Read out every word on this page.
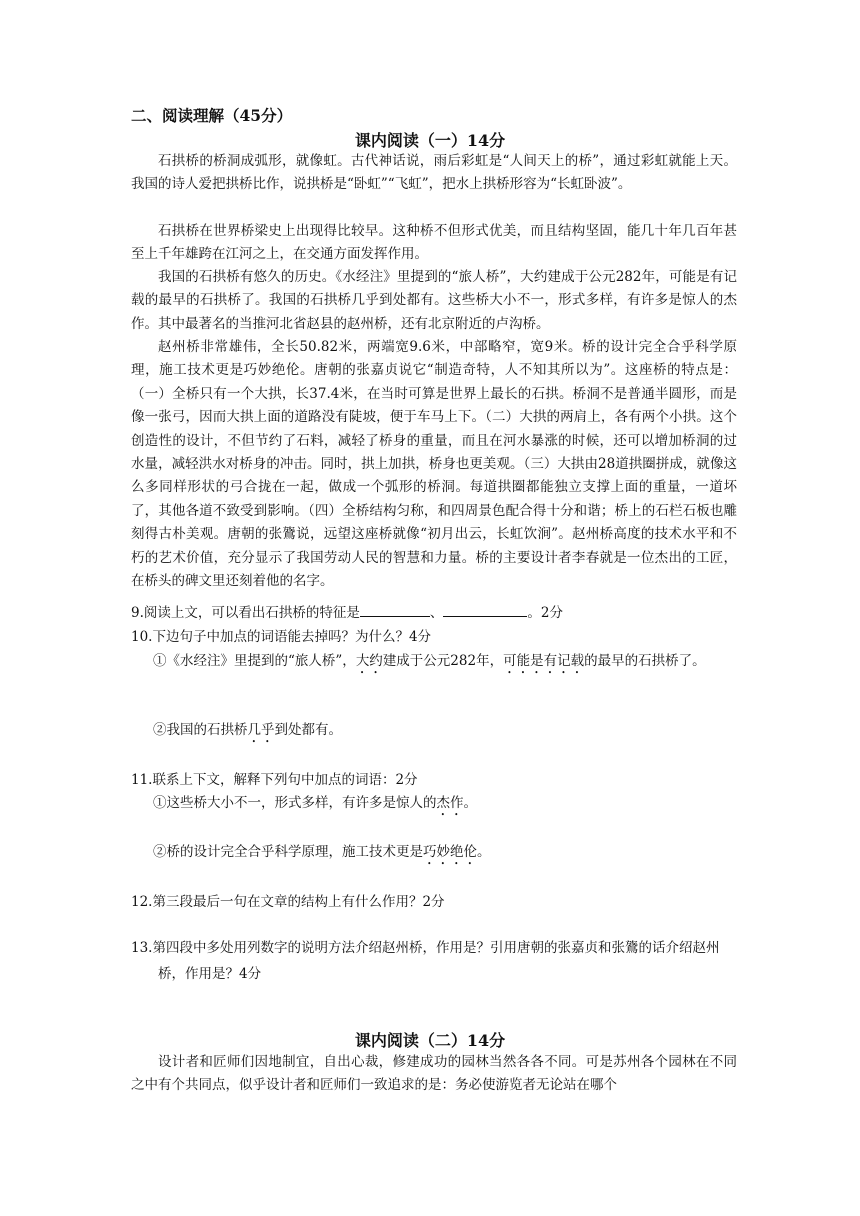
二、阅读理解（45分）
课内阅读（一）14分

石拱桥的桥洞成弧形，就像虹。古代神话说，雨后彩虹是“人间天上的桥”，通过彩虹就能上天。我国的诗人爱把拱桥比作，说拱桥是“卧虹”“飞虹”，把水上拱桥形容为“长虹卧波”。

石拱桥在世界桥梁史上出现得比较早。这种桥不但形式优美，而且结构坚固，能几十年几百年甚至上千年雄跨在江河之上，在交通方面发挥作用。

我国的石拱桥有悠久的历史。《水经注》里提到的“旅人桥”，大约建成于公元282年，可能是有记载的最早的石拱桥了。我国的石拱桥几乎到处都有。这些桥大小不一，形式多样，有许多是惊人的杰作。其中最著名的当推河北省赵县的赵州桥，还有北京附近的卢沟桥。

赵州桥非常雄伟，全长50.82米，两端宽9.6米，中部略窄，宽9米。桥的设计完全合乎科学原理，施工技术更是巧妙绝伦。唐朝的张嘉贞说它“制造奇特，人不知其所以为”。这座桥的特点是：（一）全桥只有一个大拱，长37.4米，在当时可算是世界上最长的石拱。桥洞不是普通半圆形，而是像一张弓，因而大拱上面的道路没有陡坡，便于车马上下。（二）大拱的两肩上，各有两个小拱。这个创造性的设计，不但节约了石料，减轻了桥身的重量，而且在河水暴涨的时候，还可以增加桥洞的过水量，减轻洪水对桥身的冲击。同时，拱上加拱，桥身也更美观。（三）大拱由28道拱圈拼成，就像这么多同样形状的弓合拢在一起，做成一个弧形的桥洞。每道拱圈都能独立支撑上面的重量，一道坏了，其他各道不致受到影响。（四）全桥结构匀称，和四周景色配合得十分和谐；桥上的石栏石板也雕刻得古朴美观。唐朝的张鷟说，远望这座桥就像“初月出云，长虹饮涧”。赵州桥高度的技术水平和不朽的艺术价值，充分显示了我国劳动人民的智慧和力量。桥的主要设计者李春就是一位杰出的工匠，在桥头的碑文里还刻着他的名字。

9.阅读上文，可以看出石拱桥的特征是	、	。2分

10.下边句子中加点的词语能去掉吗？为什么？4分

①《水经注》里提到的“旅人桥”，大约建成于公元282年，可能是有记载的最早的石拱桥了。

②我国的石拱桥几乎到处都有。

11.联系上下文，解释下列句中加点的词语：2分

①这些桥大小不一，形式多样，有许多是惊人的杰作。

②桥的设计完全合乎科学原理，施工技术更是巧妙绝伦。

12.第三段最后一句在文章的结构上有什么作用？2分

13.第四段中多处用列数字的说明方法介绍赵州桥，作用是？引用唐朝的张嘉贞和张鷟的话介绍赵州桥，作用是？4分

课内阅读（二）14分

设计者和匠师们因地制宜，自出心裁，修建成功的园林当然各各不同。可是苏州各个园林在不同之中有个共同点，似乎设计者和匠师们一致追求的是：务必使游览者无论站在哪个
